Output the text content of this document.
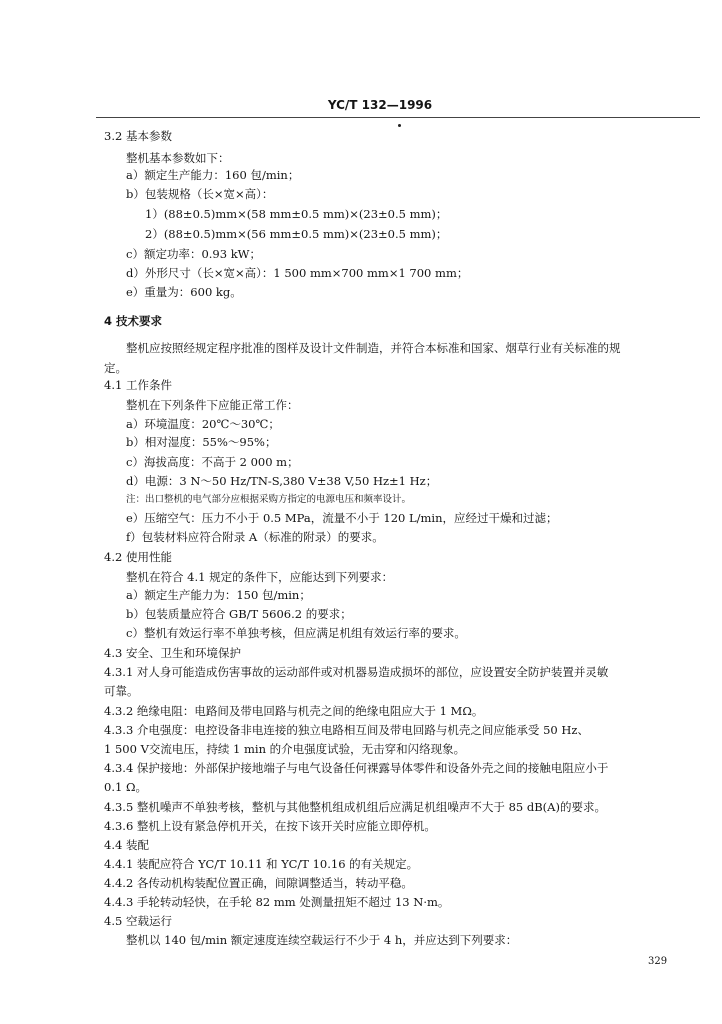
YC/T 132—1996
3.2 基本参数
整机基本参数如下：
a）额定生产能力：160 包/min；
b）包装规格（长×宽×高）：
1）(88±0.5)mm×(58 mm±0.5 mm)×(23±0.5 mm)；
2）(88±0.5)mm×(56 mm±0.5 mm)×(23±0.5 mm)；
c）额定功率：0.93 kW；
d）外形尺寸（长×宽×高）：1 500 mm×700 mm×1 700 mm；
e）重量为：600 kg。
4 技术要求
整机应按照经规定程序批准的图样及设计文件制造，并符合本标准和国家、烟草行业有关标准的规
定。
4.1 工作条件
整机在下列条件下应能正常工作：
a）环境温度：20℃～30℃；
b）相对湿度：55%～95%；
c）海拔高度：不高于 2 000 m；
d）电源：3 N～50 Hz/TN-S,380 V±38 V,50 Hz±1 Hz；
注：出口整机的电气部分应根据采购方指定的电源电压和频率设计。
e）压缩空气：压力不小于 0.5 MPa，流量不小于 120 L/min，应经过干燥和过滤；
f）包装材料应符合附录 A（标准的附录）的要求。
4.2 使用性能
整机在符合 4.1 规定的条件下，应能达到下列要求：
a）额定生产能力为：150 包/min；
b）包装质量应符合 GB/T 5606.2 的要求；
c）整机有效运行率不单独考核，但应满足机组有效运行率的要求。
4.3 安全、卫生和环境保护
4.3.1 对人身可能造成伤害事故的运动部件或对机器易造成损坏的部位，应设置安全防护装置并灵敏
可靠。
4.3.2 绝缘电阻：电路间及带电回路与机壳之间的绝缘电阻应大于 1 MΩ。
4.3.3 介电强度：电控设备非电连接的独立电路相互间及带电回路与机壳之间应能承受 50 Hz、
1 500 V交流电压，持续 1 min 的介电强度试验，无击穿和闪络现象。
4.3.4 保护接地：外部保护接地端子与电气设备任何裸露导体零件和设备外壳之间的接触电阻应小于
0.1 Ω。
4.3.5 整机噪声不单独考核，整机与其他整机组成机组后应满足机组噪声不大于 85 dB(A)的要求。
4.3.6 整机上设有紧急停机开关，在按下该开关时应能立即停机。
4.4 装配
4.4.1 装配应符合 YC/T 10.11 和 YC/T 10.16 的有关规定。
4.4.2 各传动机构装配位置正确，间隙调整适当，转动平稳。
4.4.3 手轮转动轻快，在手轮 82 mm 处测量扭矩不超过 13 N·m。
4.5 空载运行
整机以 140 包/min 额定速度连续空载运行不少于 4 h，并应达到下列要求：
329
